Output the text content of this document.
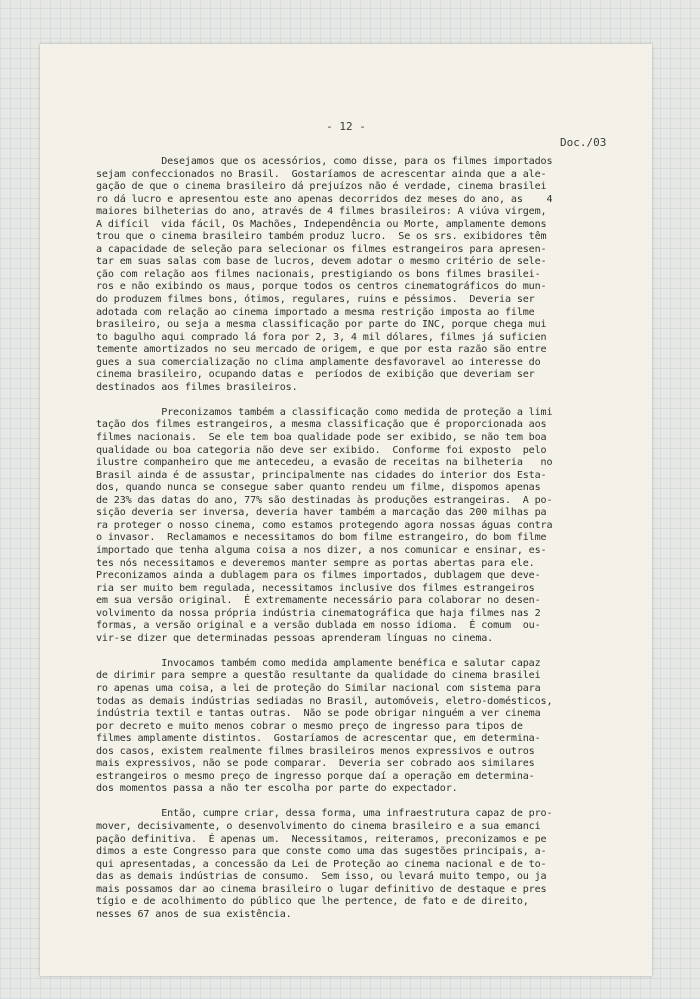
- 12 -
Doc./03
Desejamos que os acessórios, como disse, para os filmes importados
sejam confeccionados no Brasil.  Gostaríamos de acrescentar ainda que a ale-
gação de que o cinema brasileiro dá prejuízos não é verdade, cinema brasilei
ro dá lucro e apresentou este ano apenas decorridos dez meses do ano, as    4
maiores bilheterias do ano, através de 4 filmes brasileiros: A viúva virgem,
A difícil  vida fácil, Os Machões, Independência ou Morte, amplamente demons
trou que o cinema brasileiro também produz lucro.  Se os srs. exibidores têm
a capacidade de seleção para selecionar os filmes estrangeiros para apresen-
tar em suas salas com base de lucros, devem adotar o mesmo critério de sele-
ção com relação aos filmes nacionais, prestigiando os bons filmes brasilei-
ros e não exibindo os maus, porque todos os centros cinematográficos do mun-
do produzem filmes bons, ótimos, regulares, ruins e péssimos.  Deveria ser
adotada com relação ao cinema importado a mesma restrição imposta ao filme
brasileiro, ou seja a mesma classificação por parte do INC, porque chega mui
to bagulho aqui comprado lá fora por 2, 3, 4 mil dólares, filmes já suficien
temente amortizados no seu mercado de origem, e que por esta razão são entre
gues a sua comercialização no clima amplamente desfavoravel ao interesse do
cinema brasileiro, ocupando datas e  períodos de exibição que deveriam ser
destinados aos filmes brasileiros.
Preconizamos também a classificação como medida de proteção a limi
tação dos filmes estrangeiros, a mesma classificação que é proporcionada aos
filmes nacionais.  Se ele tem boa qualidade pode ser exibido, se não tem boa
qualidade ou boa categoria não deve ser exibido.  Conforme foi exposto  pelo
ilustre companheiro que me antecedeu, a evasão de receitas na bilheteria   no
Brasil ainda é de assustar, principalmente nas cidades do interior dos Esta-
dos, quando nunca se consegue saber quanto rendeu um filme, dispomos apenas
de 23% das datas do ano, 77% são destinadas às produções estrangeiras.  A po-
sição deveria ser inversa, deveria haver também a marcação das 200 milhas pa
ra proteger o nosso cinema, como estamos protegendo agora nossas águas contra
o invasor.  Reclamamos e necessitamos do bom filme estrangeiro, do bom filme
importado que tenha alguma coisa a nos dizer, a nos comunicar e ensinar, es-
tes nós necessitamos e deveremos manter sempre as portas abertas para ele.
Preconizamos ainda a dublagem para os filmes importados, dublagem que deve-
ria ser muito bem regulada, necessitamos inclusive dos filmes estrangeiros
em sua versão original.  É extremamente necessário para colaborar no desen-
volvimento da nossa própria indústria cinematográfica que haja filmes nas 2
formas, a versão original e a versão dublada em nosso idioma.  É comum  ou-
vir-se dizer que determinadas pessoas aprenderam línguas no cinema.
Invocamos também como medida amplamente benéfica e salutar capaz
de dirimir para sempre a questão resultante da qualidade do cinema brasilei
ro apenas uma coisa, a lei de proteção do Similar nacional com sistema para
todas as demais indústrias sediadas no Brasil, automóveis, eletro-domésticos,
indústria textil e tantas outras.  Não se pode obrigar ninguém a ver cinema
por decreto e muito menos cobrar o mesmo preço de ingresso para tipos de
filmes amplamente distintos.  Gostaríamos de acrescentar que, em determina-
dos casos, existem realmente filmes brasileiros menos expressivos e outros
mais expressivos, não se pode comparar.  Deveria ser cobrado aos similares
estrangeiros o mesmo preço de ingresso porque daí a operação em determina-
dos momentos passa a não ter escolha por parte do expectador.
Então, cumpre criar, dessa forma, uma infraestrutura capaz de pro-
mover, decisivamente, o desenvolvimento do cinema brasileiro e a sua emanci
pação definitiva.  É apenas um.  Necessitamos, reiteramos, preconizamos e pe
dimos a este Congresso para que conste como uma das sugestões principais, a-
qui apresentadas, a concessão da Lei de Proteção ao cinema nacional e de to-
das as demais indústrias de consumo.  Sem isso, ou levará muito tempo, ou ja
mais possamos dar ao cinema brasileiro o lugar definitivo de destaque e pres
tígio e de acolhimento do público que lhe pertence, de fato e de direito,
nesses 67 anos de sua existência.
